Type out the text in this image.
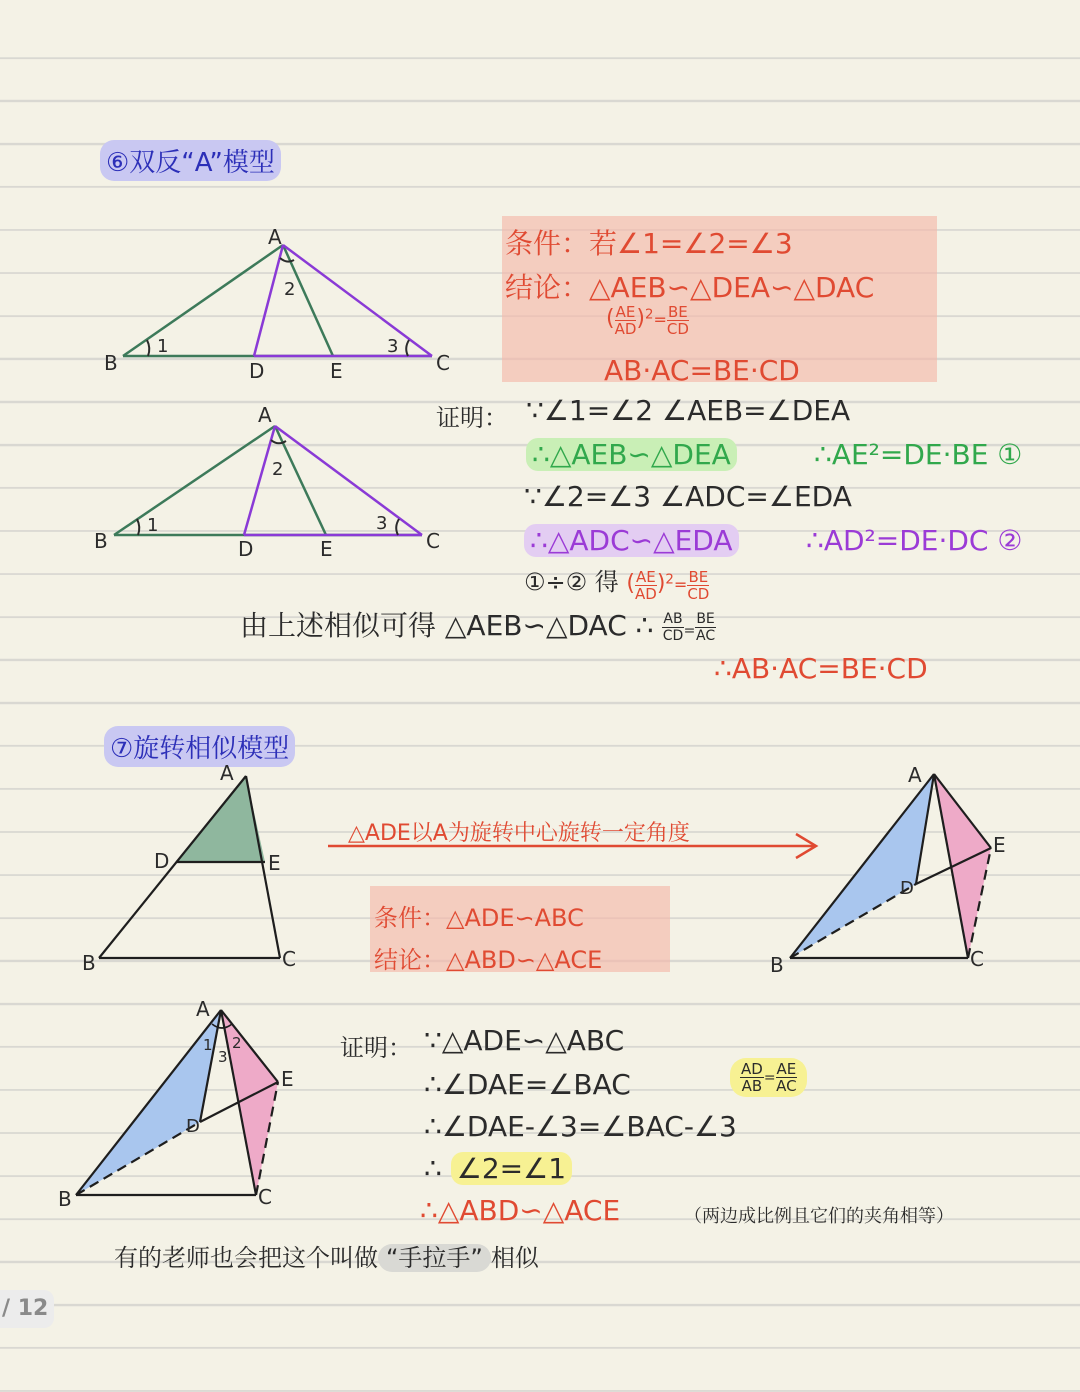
⑥双反“A”模型
条件：若∠1=∠2=∠3
结论：△AEB∽△DEA∽△DAC
( $\frac{AE}{AD} )^2= \frac{BE}{CD}$
AB·AC=BE·CD
A
B	C
D	E
1
2
3
A
B	C
D	E
1
2
3
证明： ∵∠1=∠2 ∠AEB=∠DEA
∴△AEB∽△DEA	∴AE²=DE·BE ①
∵∠2=∠3 ∠ADC=∠EDA
∴△ADC∽△EDA	∴AD²=DE·DC ②
①÷② 得 ( $\frac{AE}{AD} )^2= \frac{BE}{CD}$
由上述相似可得 △AEB∽△DAC ∴ $\frac{AB}{CD} = \frac{BE}{AC}$
∴AB·AC=BE·CD
⑦旋转相似模型
A
D	E
B	C
△ADE以A为旋转中心旋转一定角度
条件：△ADE∽ABC
结论：△ABD∽△ACE
A
E
D
B	C
A
E
D
B	C
1
3
2	证明： ∵△ADE∽△ABC
∴∠DAE=∠BAC	$\frac{AD}{AB} = \frac{AE}{AC}$
∴∠DAE-∠3=∠BAC-∠3
∴ ∠2=∠1
∴△ABD∽△ACE	（两边成比例且它们的夹角相等）
有的老师也会把这个叫做 “手拉手” 相似
/ 12
